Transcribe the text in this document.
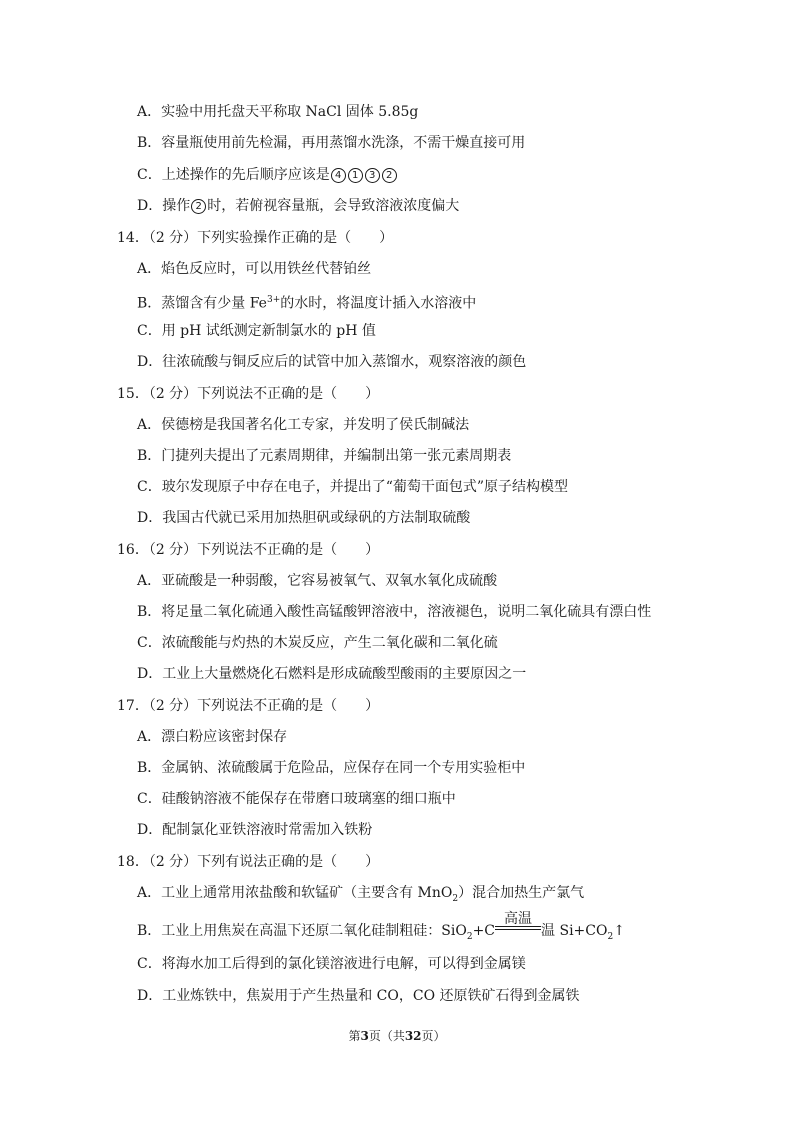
A．实验中用托盘天平称取 NaCl 固体 5.85g
B．容量瓶使用前先检漏，再用蒸馏水洗涤，不需干燥直接可用
C．上述操作的先后顺序应该是 4 1 3 2
D．操作 2 时，若俯视容量瓶，会导致溶液浓度偏大
14．（2 分）下列实验操作正确的是（　　）
A．焰色反应时，可以用铁丝代替铂丝
B．蒸馏含有少量 $Fe^{3+}$的水时，将温度计插入水溶液中
C．用 pH 试纸测定新制氯水的 pH 值
D．往浓硫酸与铜反应后的试管中加入蒸馏水，观察溶液的颜色
15．（2 分）下列说法不正确的是（　　）
A．侯德榜是我国著名化工专家，并发明了侯氏制碱法
B．门捷列夫提出了元素周期律，并编制出第一张元素周期表
C．玻尔发现原子中存在电子，并提出了“葡萄干面包式”原子结构模型
D．我国古代就已采用加热胆矾或绿矾的方法制取硫酸
16．（2 分）下列说法不正确的是（　　）
A．亚硫酸是一种弱酸，它容易被氧气、双氧水氧化成硫酸
B．将足量二氧化硫通入酸性高锰酸钾溶液中，溶液褪色，说明二氧化硫具有漂白性
C．浓硫酸能与灼热的木炭反应，产生二氧化碳和二氧化硫
D．工业上大量燃烧化石燃料是形成硫酸型酸雨的主要原因之一
17．（2 分）下列说法不正确的是（　　）
A．漂白粉应该密封保存
B．金属钠、浓硫酸属于危险品，应保存在同一个专用实验柜中
C．硅酸钠溶液不能保存在带磨口玻璃塞的细口瓶中
D．配制氯化亚铁溶液时常需加入铁粉
18．（2 分）下列有说法正确的是（　　）
A．工业上通常用浓盐酸和软锰矿（主要含有 MnO$_2$）混合加热生产氯气
B．工业上用焦炭在高温下还原二氧化硅制粗硅：SiO$_2$+C
高温
温 $Si+CO_2↑$
C．将海水加工后得到的氯化镁溶液进行电解，可以得到金属镁
D．工业炼铁中，焦炭用于产生热量和 CO，CO 还原铁矿石得到金属铁
第3页（共32页）
